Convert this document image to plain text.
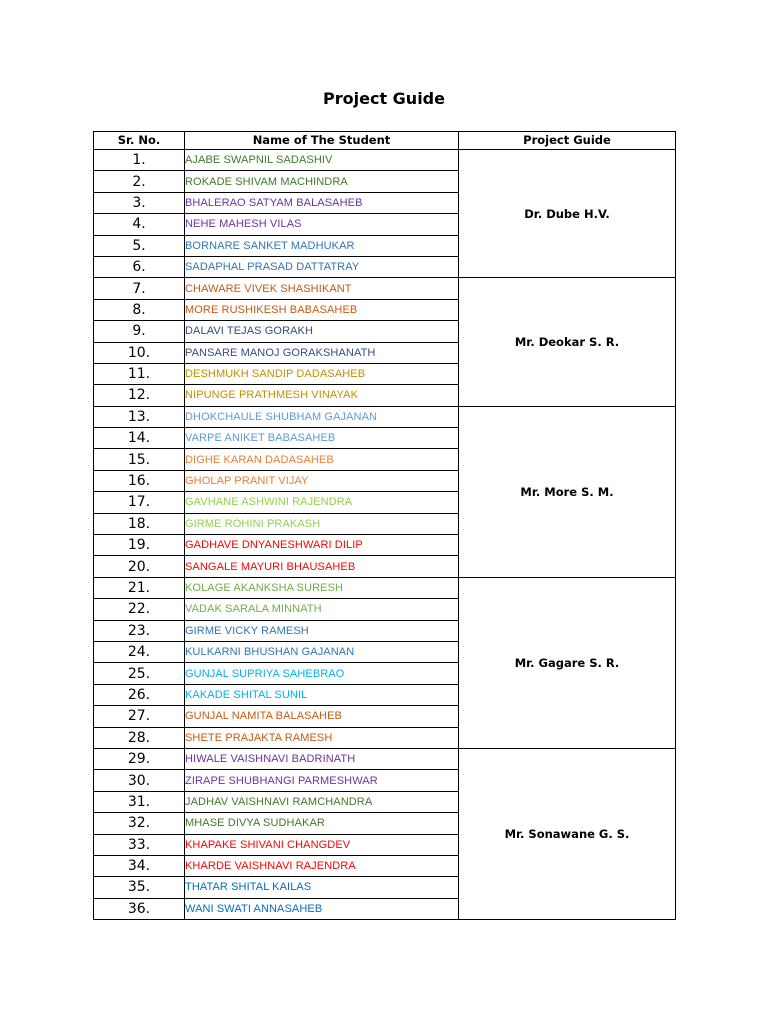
Project Guide
Sr. No.	Name of The Student	Project Guide
1.	AJABE SWAPNIL SADASHIV	Dr. Dube H.V.
2.	ROKADE SHIVAM MACHINDRA	
3.	BHALERAO SATYAM BALASAHEB	
4.	NEHE MAHESH VILAS	
5.	BORNARE SANKET MADHUKAR	
6.	SADAPHAL PRASAD DATTATRAY	
7.	CHAWARE VIVEK SHASHIKANT	Mr. Deokar S. R.
8.	MORE RUSHIKESH BABASAHEB	
9.	DALAVI TEJAS GORAKH	
10.	PANSARE MANOJ GORAKSHANATH	
11.	DESHMUKH SANDIP DADASAHEB	
12.	NIPUNGE PRATHMESH VINAYAK	
13.	DHOKCHAULE SHUBHAM GAJANAN	Mr. More S. M.
14.	VARPE ANIKET BABASAHEB	
15.	DIGHE KARAN DADASAHEB	
16.	GHOLAP PRANIT VIJAY	
17.	GAVHANE ASHWINI RAJENDRA	
18.	GIRME ROHINI PRAKASH	
19.	GADHAVE DNYANESHWARI DILIP	
20.	SANGALE MAYURI BHAUSAHEB	
21.	KOLAGE AKANKSHA SURESH	Mr. Gagare S. R.
22.	VADAK SARALA MINNATH	
23.	GIRME VICKY RAMESH	
24.	KULKARNI BHUSHAN GAJANAN	
25.	GUNJAL SUPRIYA SAHEBRAO	
26.	KAKADE SHITAL SUNIL	
27.	GUNJAL NAMITA BALASAHEB	
28.	SHETE PRAJAKTA RAMESH	
29.	HIWALE VAISHNAVI BADRINATH	Mr. Sonawane G. S.
30.	ZIRAPE SHUBHANGI PARMESHWAR	
31.	JADHAV VAISHNAVI RAMCHANDRA	
32.	MHASE DIVYA SUDHAKAR	
33.	KHAPAKE SHIVANI CHANGDEV	
34.	KHARDE VAISHNAVI RAJENDRA	
35.	THATAR SHITAL KAILAS	
36.	WANI SWATI ANNASAHEB	
